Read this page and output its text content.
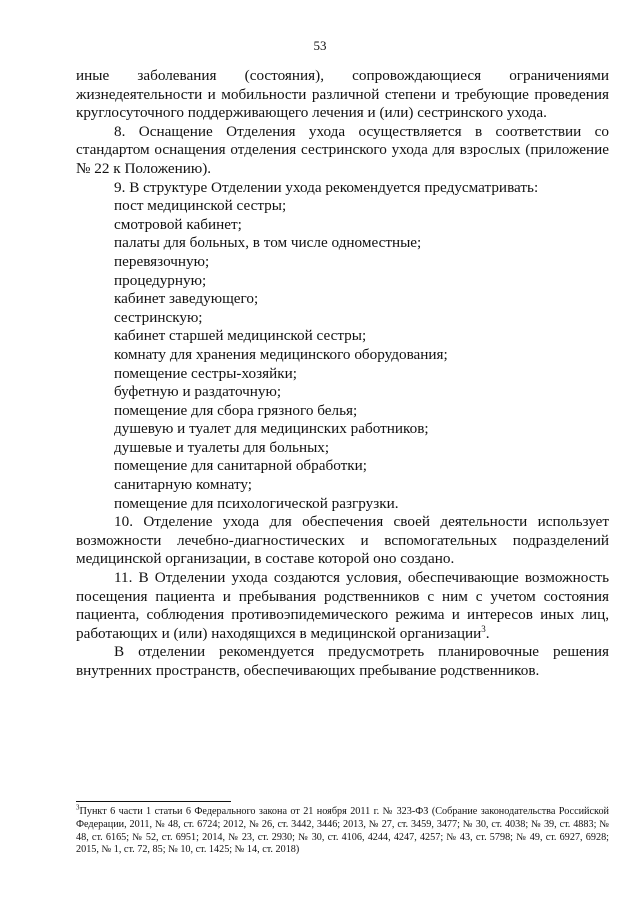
53

иные заболевания (состояния), сопровождающиеся ограничениями жизнедеятельности и мобильности различной степени и требующие проведения круглосуточного поддерживающего лечения и (или) сестринского ухода.

8. Оснащение Отделения ухода осуществляется в соответствии со стандартом оснащения отделения сестринского ухода для взрослых (приложение № 22 к Положению).

9. В структуре Отделении ухода рекомендуется предусматривать:

пост медицинской сестры;

смотровой кабинет;

палаты для больных, в том числе одноместные;

перевязочную;

процедурную;

кабинет заведующего;

сестринскую;

кабинет старшей медицинской сестры;

комнату для хранения медицинского оборудования;

помещение сестры-хозяйки;

буфетную и раздаточную;

помещение для сбора грязного белья;

душевую и туалет для медицинских работников;

душевые и туалеты для больных;

помещение для санитарной обработки;

санитарную комнату;

помещение для психологической разгрузки.

10. Отделение ухода для обеспечения своей деятельности использует возможности лечебно-диагностических и вспомогательных подразделений медицинской организации, в составе которой оно создано.

11. В Отделении ухода создаются условия, обеспечивающие возможность посещения пациента и пребывания родственников с ним с учетом состояния пациента, соблюдения противоэпидемического режима и интересов иных лиц, работающих и (или) находящихся в медицинской организации$^3$.

В отделении рекомендуется предусмотреть планировочные решения внутренних пространств, обеспечивающих пребывание родственников.

$^3$Пункт 6 части 1 статьи 6 Федерального закона от 21 ноября 2011 г. № 323-ФЗ (Собрание законодательства Российской Федерации, 2011, № 48, ст. 6724; 2012, № 26, ст. 3442, 3446; 2013, № 27, ст. 3459, 3477; № 30, ст. 4038; № 39, ст. 4883; № 48, ст. 6165; № 52, ст. 6951; 2014, № 23, ст. 2930; № 30, ст. 4106, 4244, 4247, 4257; № 43, ст. 5798; № 49, ст. 6927, 6928; 2015, № 1, ст. 72, 85; № 10, ст. 1425; № 14, ст. 2018)
